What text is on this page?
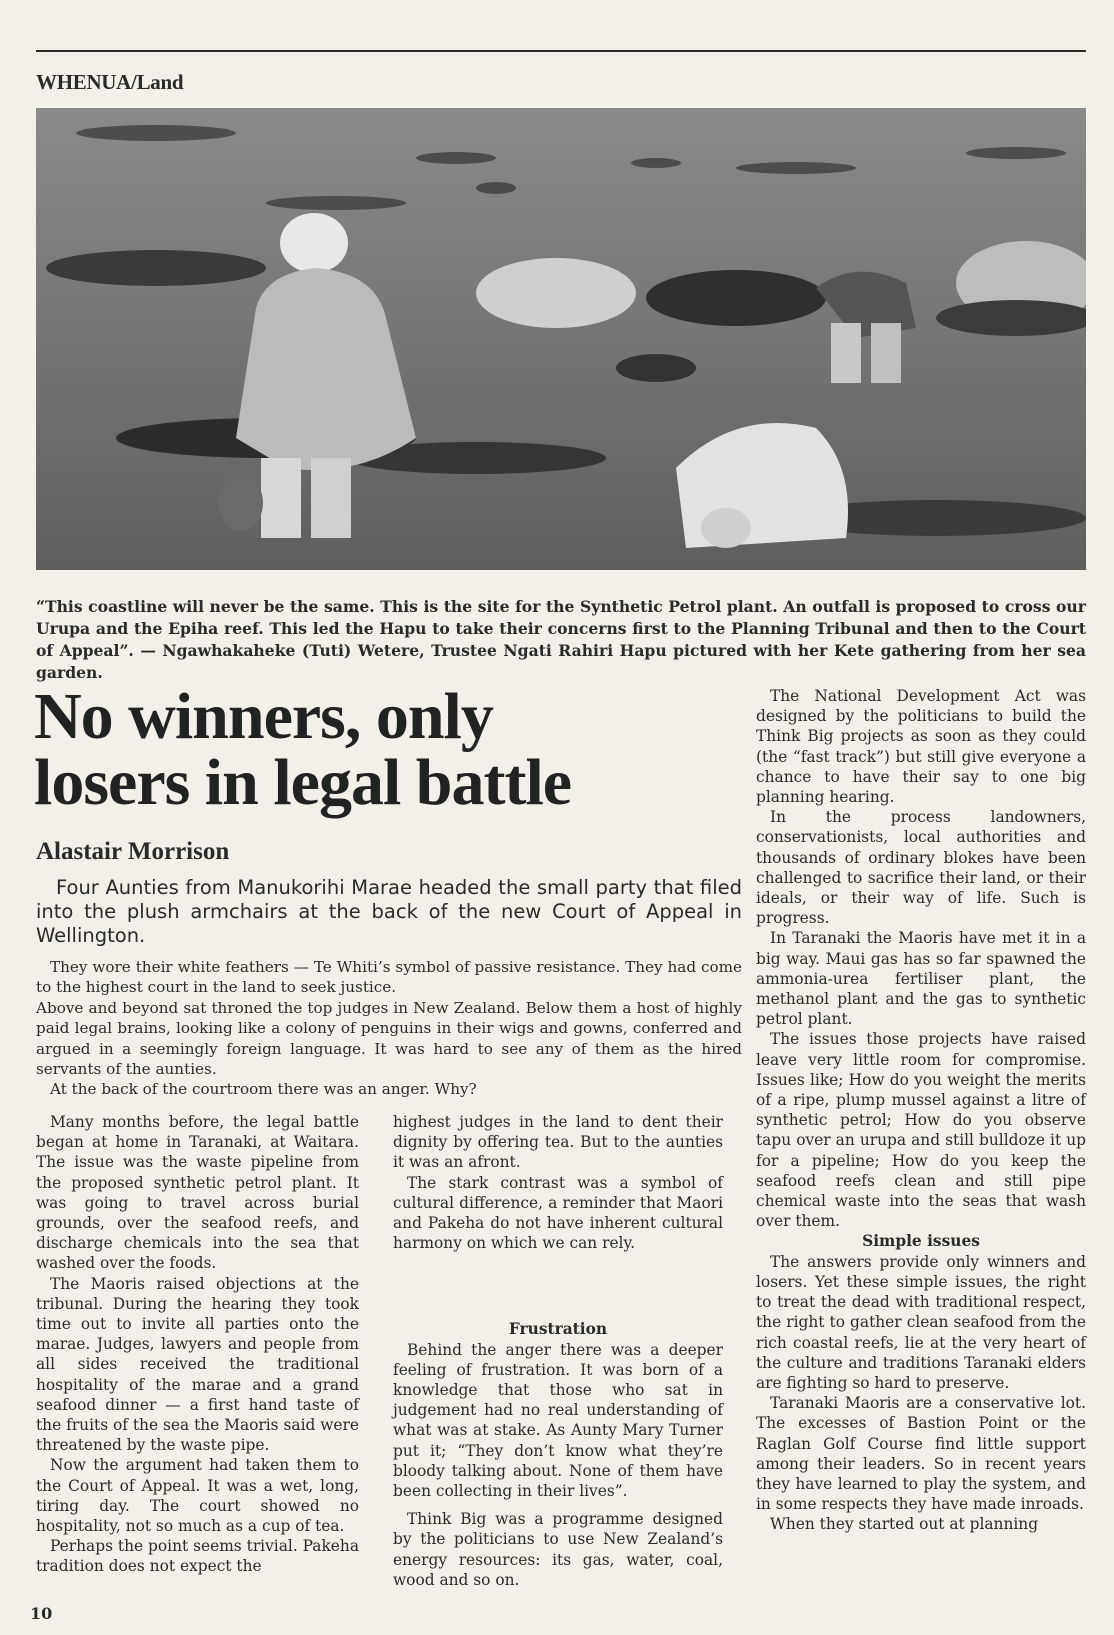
WHENUA/Land

“This coastline will never be the same. This is the site for the Synthetic Petrol plant. An outfall is proposed to cross our Urupa and the Epiha reef. This led the Hapu to take their concerns first to the Planning Tribunal and then to the Court of Appeal”. — Ngawhakaheke (Tuti) Wetere, Trustee Ngati Rahiri Hapu pictured with her Kete gathering from her sea garden.

No winners, only
losers in legal battle

Alastair Morrison

Four Aunties from Manukorihi Marae headed the small party that filed into the plush armchairs at the back of the new Court of Appeal in Wellington.

They wore their white feathers — Te Whiti’s symbol of passive resistance. They had come to the highest court in the land to seek justice.

Above and beyond sat throned the top judges in New Zealand. Below them a host of highly paid legal brains, looking like a colony of penguins in their wigs and gowns, conferred and argued in a seemingly foreign language. It was hard to see any of them as the hired servants of the aunties.

At the back of the courtroom there was an anger. Why?

Many months before, the legal battle began at home in Taranaki, at Waitara. The issue was the waste pipeline from the proposed synthetic petrol plant. It was going to travel across burial grounds, over the seafood reefs, and discharge chemicals into the sea that washed over the foods.

The Maoris raised objections at the tribunal. During the hearing they took time out to invite all parties onto the marae. Judges, lawyers and people from all sides received the traditional hospitality of the marae and a grand seafood dinner — a first hand taste of the fruits of the sea the Maoris said were threatened by the waste pipe.

Now the argument had taken them to the Court of Appeal. It was a wet, long, tiring day. The court showed no hospitality, not so much as a cup of tea.

Perhaps the point seems trivial. Pakeha tradition does not expect the

highest judges in the land to dent their dignity by offering tea. But to the aunties it was an afront.

The stark contrast was a symbol of cultural difference, a reminder that Maori and Pakeha do not have inherent cultural harmony on which we can rely.

Frustration

Behind the anger there was a deeper feeling of frustration. It was born of a knowledge that those who sat in judgement had no real understanding of what was at stake. As Aunty Mary Turner put it; “They don’t know what they’re bloody talking about. None of them have been collecting in their lives”.

Think Big was a programme designed by the politicians to use New Zealand’s energy resources: its gas, water, coal, wood and so on.

The National Development Act was designed by the politicians to build the Think Big projects as soon as they could (the “fast track”) but still give everyone a chance to have their say to one big planning hearing.

In the process landowners, conservationists, local authorities and thousands of ordinary blokes have been challenged to sacrifice their land, or their ideals, or their way of life. Such is progress.

In Taranaki the Maoris have met it in a big way. Maui gas has so far spawned the ammonia-urea fertiliser plant, the methanol plant and the gas to synthetic petrol plant.

The issues those projects have raised leave very little room for compromise. Issues like; How do you weight the merits of a ripe, plump mussel against a litre of synthetic petrol; How do you observe tapu over an urupa and still bulldoze it up for a pipeline; How do you keep the seafood reefs clean and still pipe chemical waste into the seas that wash over them.

Simple issues

The answers provide only winners and losers. Yet these simple issues, the right to treat the dead with traditional respect, the right to gather clean seafood from the rich coastal reefs, lie at the very heart of the culture and traditions Taranaki elders are fighting so hard to preserve.

Taranaki Maoris are a conservative lot. The excesses of Bastion Point or the Raglan Golf Course find little support among their leaders. So in recent years they have learned to play the system, and in some respects they have made inroads.

When they started out at planning

10
